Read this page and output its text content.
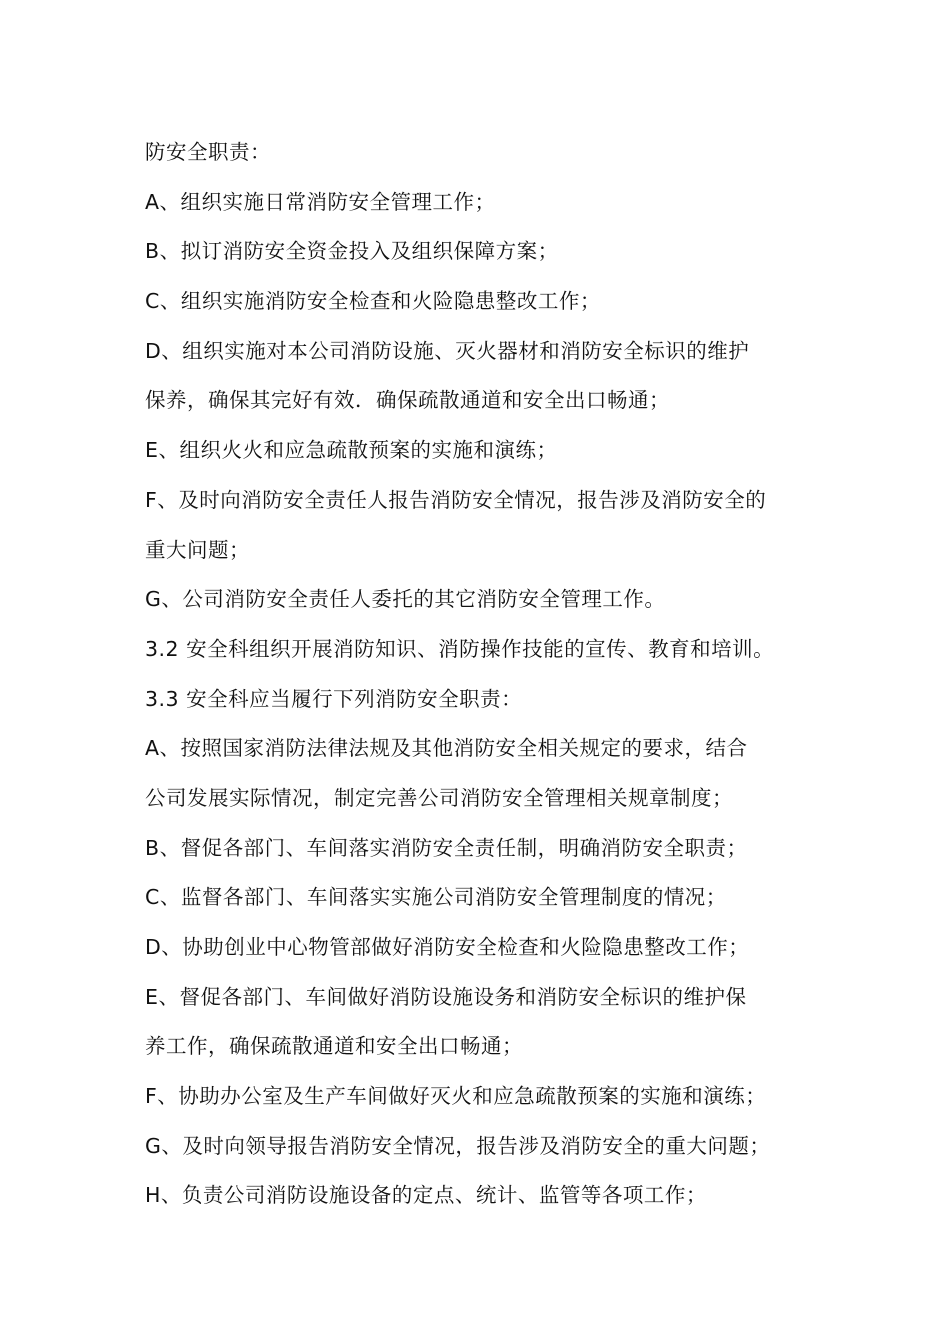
防安全职责：
A、组织实施日常消防安全管理工作；
B、拟订消防安全资金投入及组织保障方案；
C、组织实施消防安全检查和火险隐患整改工作；
D、组织实施对本公司消防设施、灭火器材和消防安全标识的维护
保养，确保其完好有效．确保疏散通道和安全出口畅通；
E、组织火火和应急疏散预案的实施和演练；
F、及时向消防安全责任人报告消防安全情况，报告涉及消防安全的
重大问题；
G、公司消防安全责任人委托的其它消防安全管理工作。
3.2 安全科组织开展消防知识、消防操作技能的宣传、教育和培训。
3.3 安全科应当履行下列消防安全职责：
A、按照国家消防法律法规及其他消防安全相关规定的要求，结合
公司发展实际情况，制定完善公司消防安全管理相关规章制度；
B、督促各部门、车间落实消防安全责任制，明确消防安全职责；
C、监督各部门、车间落实实施公司消防安全管理制度的情况；
D、协助创业中心物管部做好消防安全检查和火险隐患整改工作；
E、督促各部门、车间做好消防设施设务和消防安全标识的维护保
养工作，确保疏散通道和安全出口畅通；
F、协助办公室及生产车间做好灭火和应急疏散预案的实施和演练；
G、及时向领导报告消防安全情况，报告涉及消防安全的重大问题；
H、负责公司消防设施设备的定点、统计、监管等各项工作；
